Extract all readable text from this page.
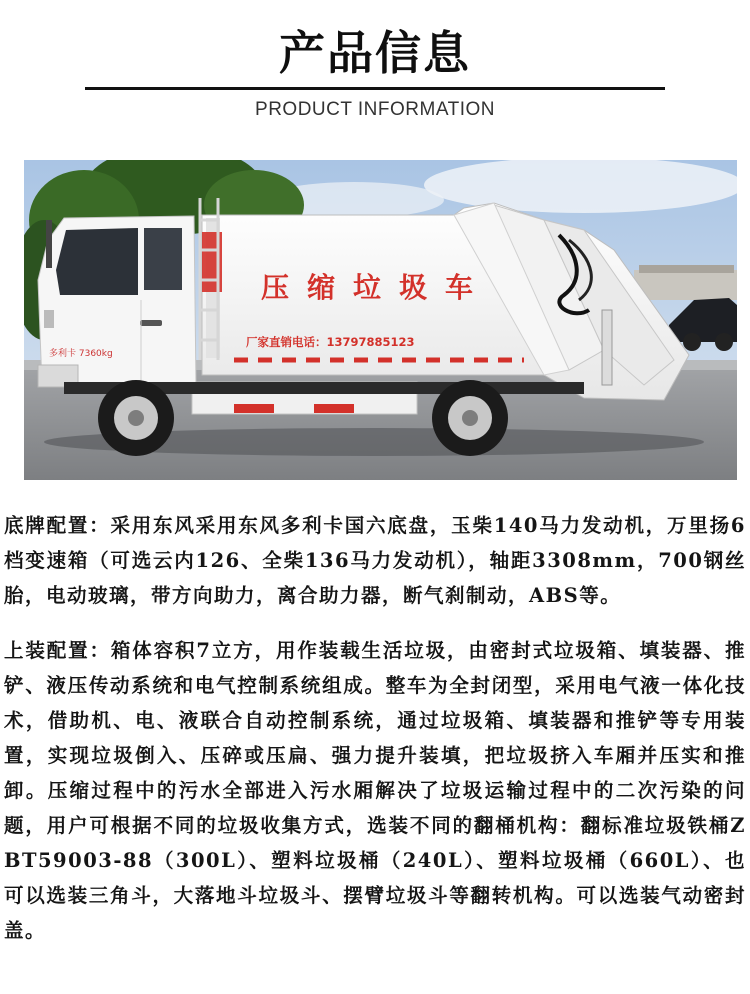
产品信息
PRODUCT INFORMATION
压缩垃圾车
厂家直销电话：13797885123
多利卡 7360kg
底牌配置：采用东风采用东风多利卡国六底盘，玉柴140马力发动机，万里扬6档变速箱（可选云内126、全柴136马力发动机），轴距3308mm，700钢丝胎，电动玻璃，带方向助力，离合助力器，断气刹制动，ABS等。
上装配置：箱体容积7立方，用作装载生活垃圾，由密封式垃圾箱、填装器、推铲、液压传动系统和电气控制系统组成。整车为全封闭型，采用电气液一体化技术，借助机、电、液联合自动控制系统，通过垃圾箱、填装器和推铲等专用装置，实现垃圾倒入、压碎或压扁、强力提升装填，把垃圾挤入车厢并压实和推卸。压缩过程中的污水全部进入污水厢解决了垃圾运输过程中的二次污染的问题，用户可根据不同的垃圾收集方式，选装不同的翻桶机构：翻标准垃圾铁桶ZBT59003-88（300L）、塑料垃圾桶（240L）、塑料垃圾桶（660L）、也可以选装三角斗，大落地斗垃圾斗、摆臂垃圾斗等翻转机构。可以选装气动密封盖。
